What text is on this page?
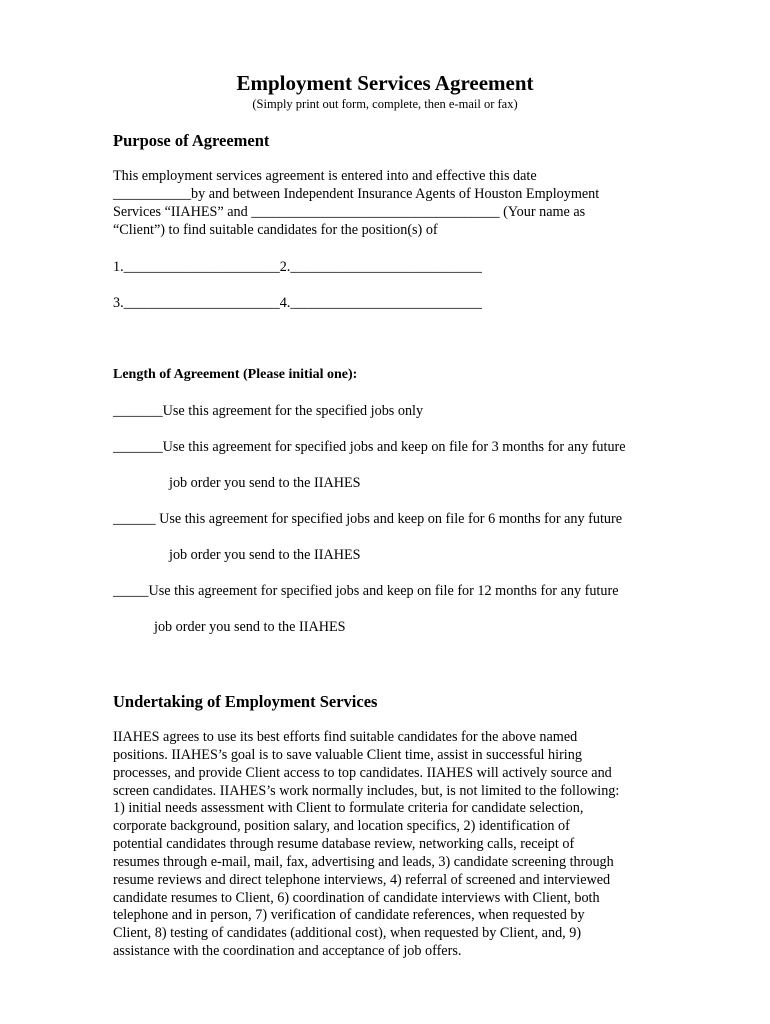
Employment Services Agreement
(Simply print out form, complete, then e-mail or fax)
Purpose of Agreement
This employment services agreement is entered into and effective this date
___________by and between Independent Insurance Agents of Houston Employment
Services “IIAHES” and ___________________________________ (Your name as
“Client”) to find suitable candidates for the position(s) of
1.______________________2.___________________________
3.______________________4.___________________________
Length of Agreement (Please initial one):
_______Use this agreement for the specified jobs only
_______Use this agreement for specified jobs and keep on file for 3 months for any future
job order you send to the IIAHES
______ Use this agreement for specified jobs and keep on file for 6 months for any future
job order you send to the IIAHES
_____Use this agreement for specified jobs and keep on file for 12 months for any future
job order you send to the IIAHES
Undertaking of Employment Services
IIAHES agrees to use its best efforts find suitable candidates for the above named
positions. IIAHES’s goal is to save valuable Client time, assist in successful hiring
processes, and provide Client access to top candidates. IIAHES will actively source and
screen candidates. IIAHES’s work normally includes, but, is not limited to the following:
1) initial needs assessment with Client to formulate criteria for candidate selection,
corporate background, position salary, and location specifics, 2) identification of
potential candidates through resume database review, networking calls, receipt of
resumes through e-mail, mail, fax, advertising and leads, 3) candidate screening through
resume reviews and direct telephone interviews, 4) referral of screened and interviewed
candidate resumes to Client, 6) coordination of candidate interviews with Client, both
telephone and in person, 7) verification of candidate references, when requested by
Client, 8) testing of candidates (additional cost), when requested by Client, and, 9)
assistance with the coordination and acceptance of job offers.
